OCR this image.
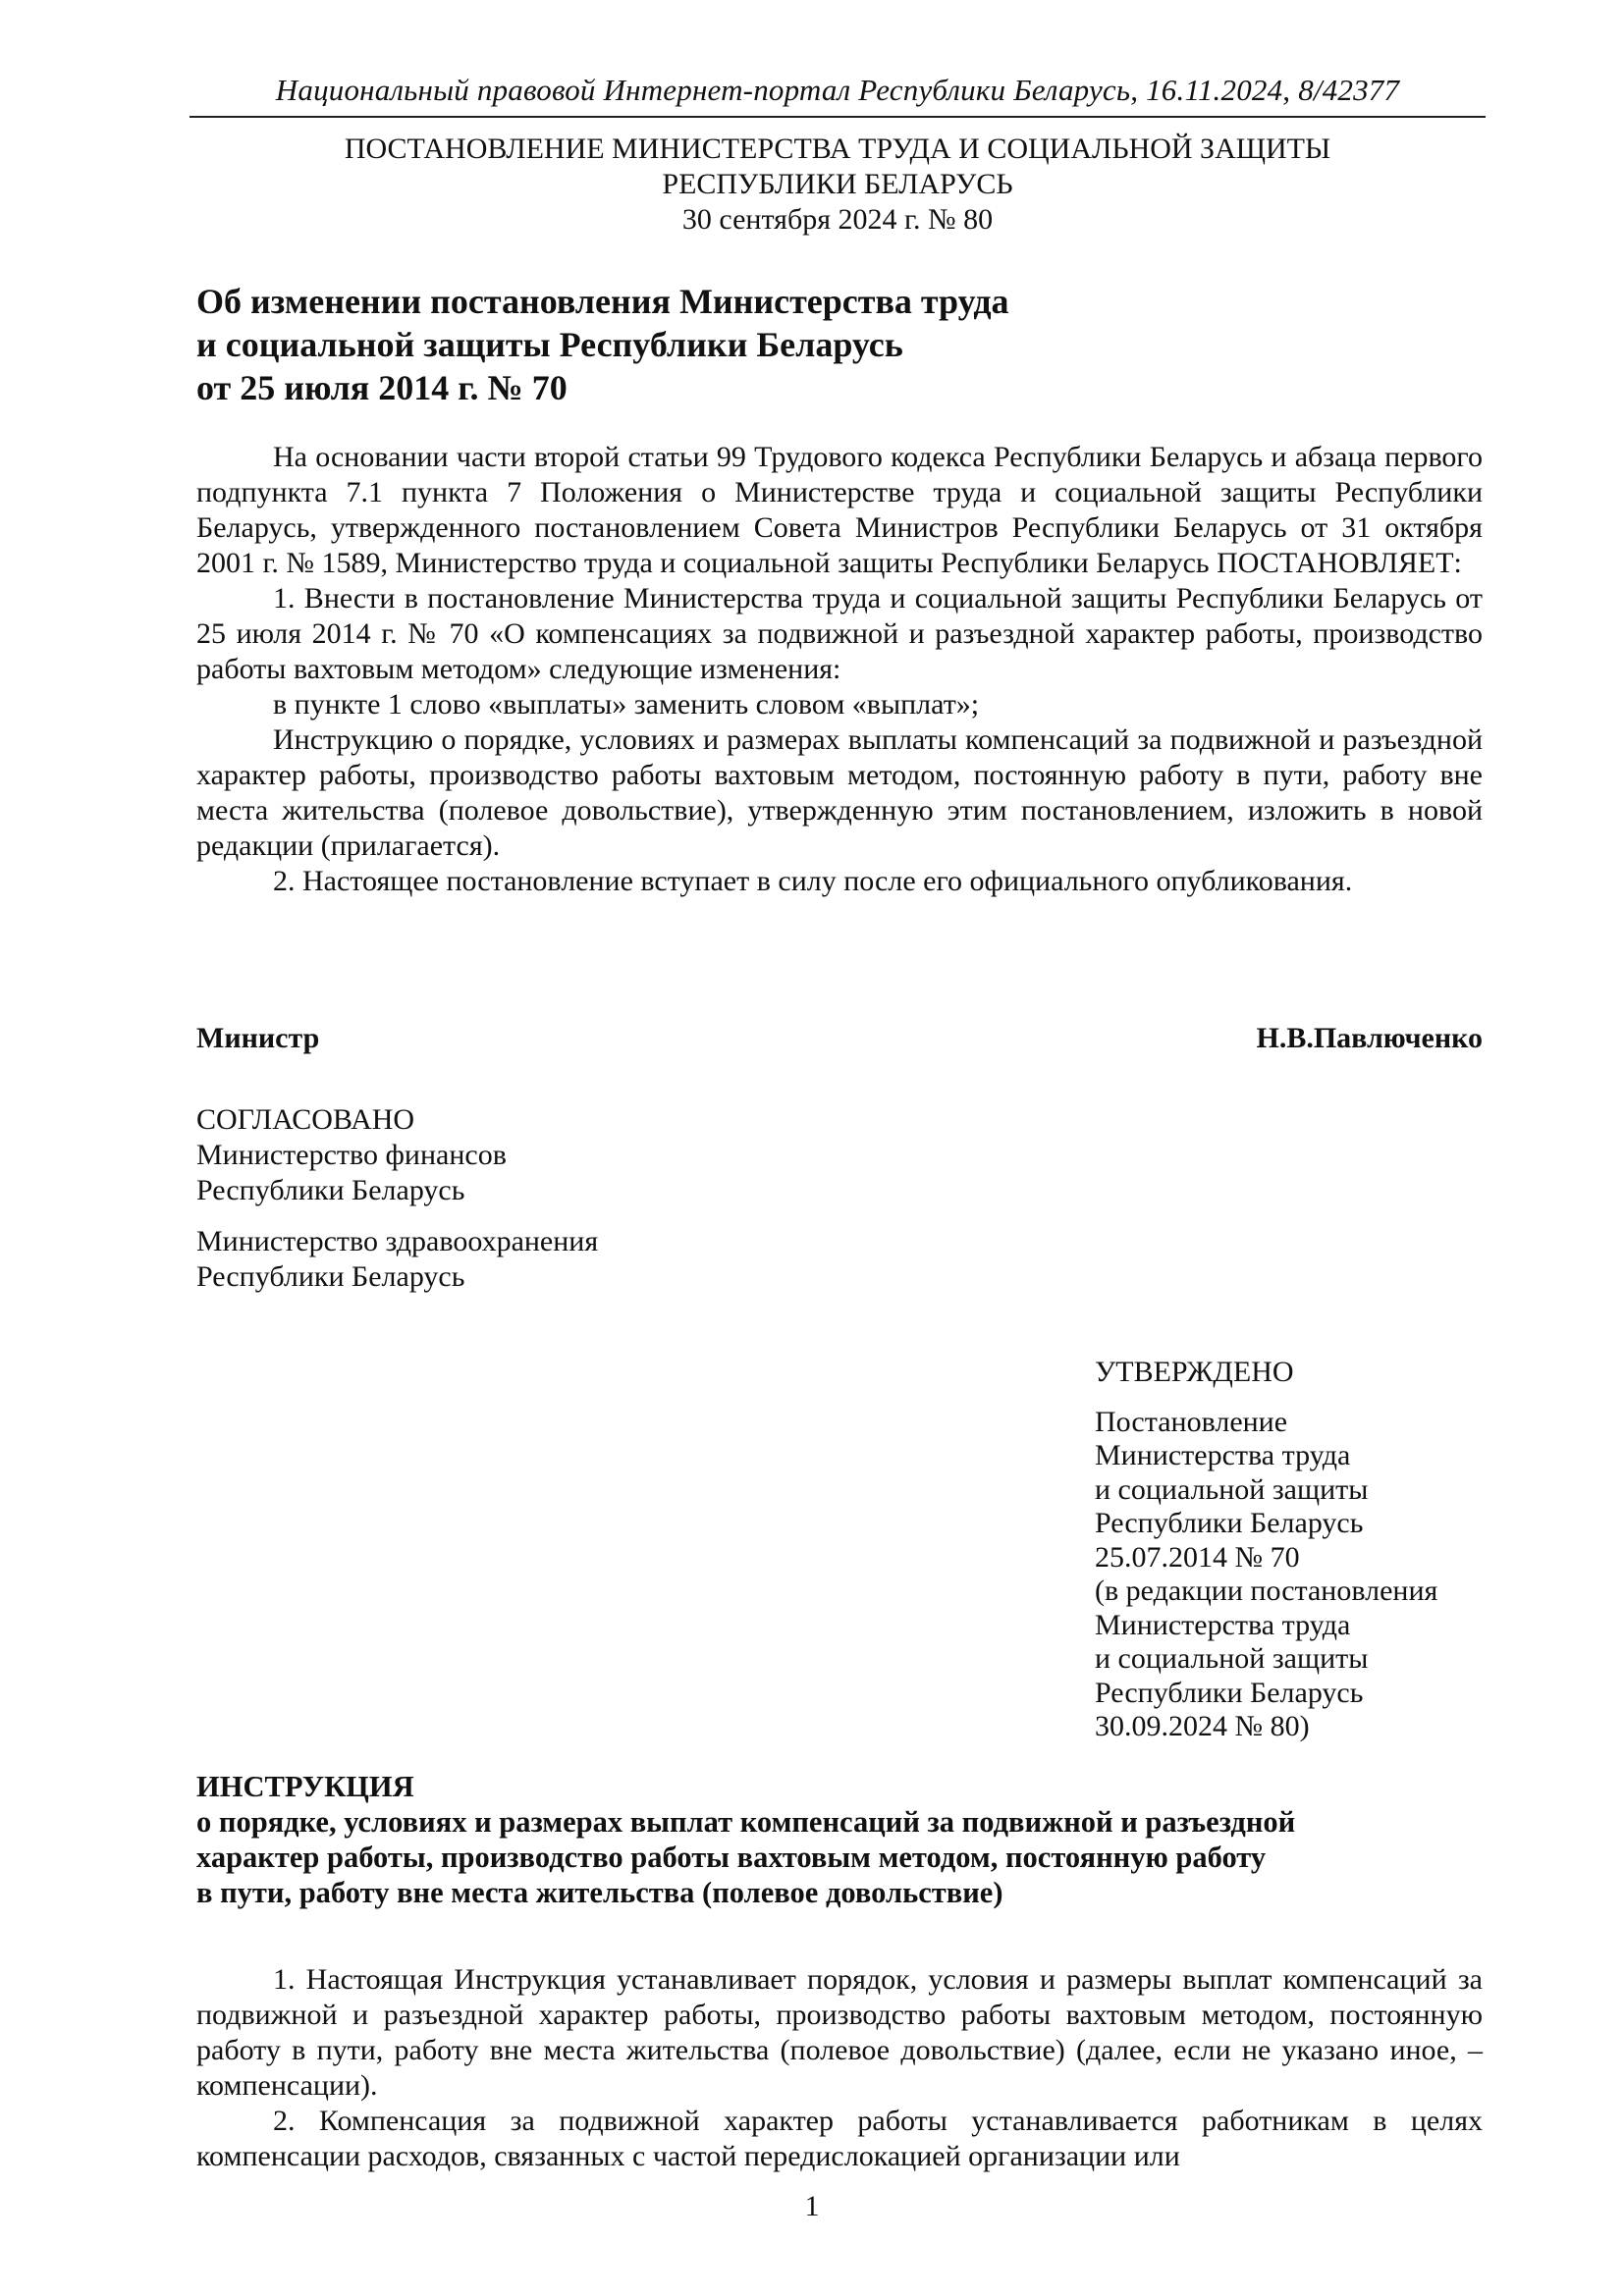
Национальный правовой Интернет-портал Республики Беларусь, 16.11.2024, 8/42377
ПОСТАНОВЛЕНИЕ МИНИСТЕРСТВА ТРУДА И СОЦИАЛЬНОЙ ЗАЩИТЫ
РЕСПУБЛИКИ БЕЛАРУСЬ
30 сентября 2024 г. № 80
Об изменении постановления Министерства труда
и социальной защиты Республики Беларусь
от 25 июля 2014 г. № 70

На основании части второй статьи 99 Трудового кодекса Республики Беларусь и абзаца первого подпункта 7.1 пункта 7 Положения о Министерстве труда и социальной защиты Республики Беларусь, утвержденного постановлением Совета Министров Республики Беларусь от 31 октября 2001 г. № 1589, Министерство труда и социальной защиты Республики Беларусь ПОСТАНОВЛЯЕТ:

1. Внести в постановление Министерства труда и социальной защиты Республики Беларусь от 25 июля 2014 г. № 70 «О компенсациях за подвижной и разъездной характер работы, производство работы вахтовым методом» следующие изменения:

в пункте 1 слово «выплаты» заменить словом «выплат»;

Инструкцию о порядке, условиях и размерах выплаты компенсаций за подвижной и разъездной характер работы, производство работы вахтовым методом, постоянную работу в пути, работу вне места жительства (полевое довольствие), утвержденную этим постановлением, изложить в новой редакции (прилагается).

2. Настоящее постановление вступает в силу после его официального опубликования.

Министр	Н.В.Павлюченко
СОГЛАСОВАНО
Министерство финансов
Республики Беларусь
Министерство здравоохранения
Республики Беларусь
УТВЕРЖДЕНО
Постановление
Министерства труда
и социальной защиты
Республики Беларусь
25.07.2014 № 70
(в редакции постановления
Министерства труда
и социальной защиты
Республики Беларусь
30.09.2024 № 80)
ИНСТРУКЦИЯ
о порядке, условиях и размерах выплат компенсаций за подвижной и разъездной
характер работы, производство работы вахтовым методом, постоянную работу
в пути, работу вне места жительства (полевое довольствие)

1. Настоящая Инструкция устанавливает порядок, условия и размеры выплат компенсаций за подвижной и разъездной характер работы, производство работы вахтовым методом, постоянную работу в пути, работу вне места жительства (полевое довольствие) (далее, если не указано иное, – компенсации).

2. Компенсация за подвижной характер работы устанавливается работникам в целях компенсации расходов, связанных с частой передислокацией организации или

1
